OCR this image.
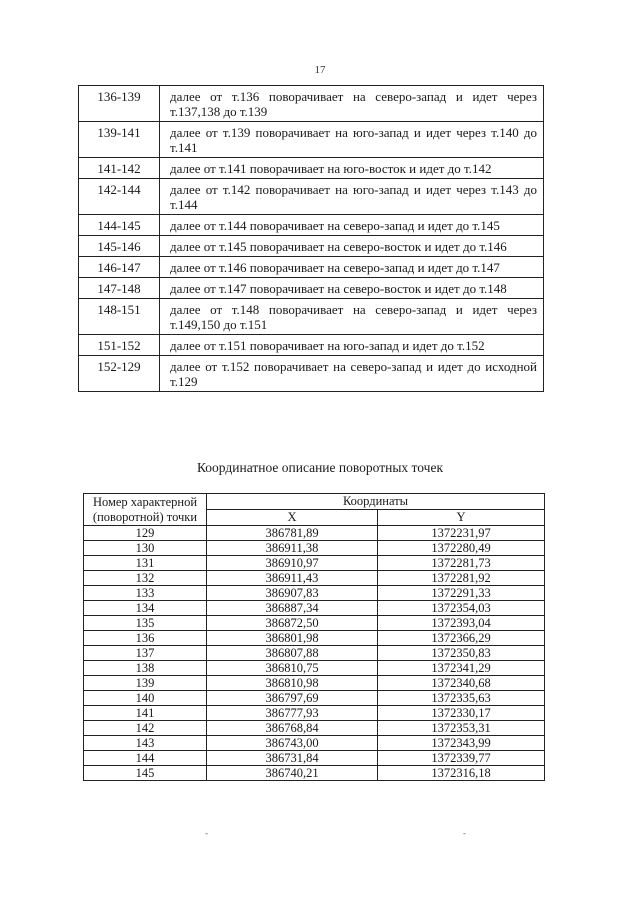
17
136-139	далее от т.136 поворачивает на северо-запад и идет через т.137,138 до т.139
139-141	далее от т.139 поворачивает на юго-запад и идет через т.140 до т.141
141-142	далее от т.141 поворачивает на юго-восток и идет до т.142
142-144	далее от т.142 поворачивает на юго-запад и идет через т.143 до т.144
144-145	далее от т.144 поворачивает на северо-запад и идет до т.145
145-146	далее от т.145 поворачивает на северо-восток и идет до т.146
146-147	далее от т.146 поворачивает на северо-запад и идет до т.147
147-148	далее от т.147 поворачивает на северо-восток и идет до т.148
148-151	далее от т.148 поворачивает на северо-запад и идет через т.149,150 до т.151
151-152	далее от т.151 поворачивает на юго-запад и идет до т.152
152-129	далее от т.152 поворачивает на северо-запад и идет до исходной т.129
Координатное описание поворотных точек
Номер характерной
(поворотной) точки	Координаты	
	X	Y
129	386781,89	1372231,97
130	386911,38	1372280,49
131	386910,97	1372281,73
132	386911,43	1372281,92
133	386907,83	1372291,33
134	386887,34	1372354,03
135	386872,50	1372393,04
136	386801,98	1372366,29
137	386807,88	1372350,83
138	386810,75	1372341,29
139	386810,98	1372340,68
140	386797,69	1372335,63
141	386777,93	1372330,17
142	386768,84	1372353,31
143	386743,00	1372343,99
144	386731,84	1372339,77
145	386740,21	1372316,18
-	-
